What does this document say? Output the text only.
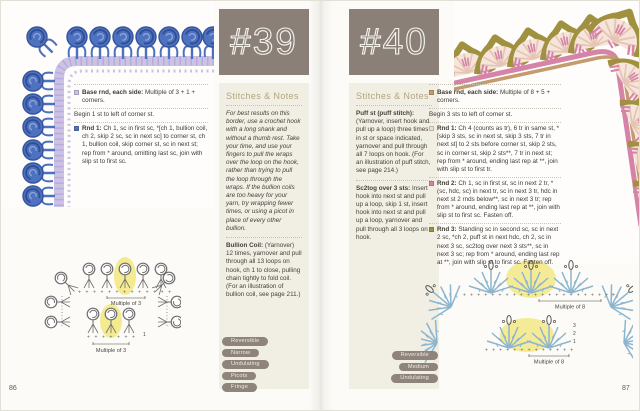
Base rnd, each side: Multiple of 3 + 1 + corners.

Begin 1 st to left of corner st.

Rnd 1: Ch 1, sc in first sc, *[ch 1, bullion coil, ch 2, skip 2 sc, sc in next sc] to corner st, ch 1, bullion coil, skip corner st, sc in next st; rep from * around, omitting last sc, join with slip st to first sc.

#39
Stitches & Notes

For best results on this border, use a crochet hook with a long shank and without a thumb rest. Take your time, and use your fingers to pull the wraps over the loop on the hook, rather than trying to pull the loop through the wraps. If the bullion coils are too heavy for your yarn, try wrapping fewer times, or using a picot in place of every other bullion.

Bullion Coil: (Yarnover) 12 times, yarnover and pull through all 13 loops on hook, ch 1 to close, pulling chain tightly to fold coil. (For an illustration of bullion coil, see page 211.)

Reversible
Narrow
Undulating
Picots
Fringe
+ + + + + + + + + + + + +
Multiple of 3
+ + + + + + + 1
Multiple of 3
86
#40
Stitches & Notes

Puff st (puff stitch): (Yarnover, insert hook and pull up a loop) three times in st or space indicated, yarnover and pull through all 7 loops on hook. (For an illustration of puff stitch, see page 214.)

Sc2tog over 3 sts: Insert hook into next st and pull up a loop, skip 1 st, insert hook into next st and pull up a loop, yarnover and pull through all 3 loops on hook.

Base rnd, each side: Multiple of 8 + 5 + corners.

Begin 3 sts to left of corner st.

Rnd 1: Ch 4 (counts as tr), 6 tr in same st, *[skip 3 sts, sc in next st, skip 3 sts, 7 tr in next st] to 2 sts before corner st, skip 2 sts, sc in corner st, skip 2 sts**, 7 tr in next st; rep from * around, ending last rep at **, join with slip st to first tr.

Rnd 2: Ch 1, sc in first st, sc in next 2 tr, *(sc, hdc, sc) in next tr, sc in next 3 tr, hdc in next st 2 rnds below**, sc in next 3 tr; rep from * around, ending last rep at **, join with slip st to first sc. Fasten off.

Rnd 3: Standing sc in second sc, sc in next 2 sc, *ch 2, puff st in next hdc, ch 2, sc in next 3 sc, sc2tog over next 3 sts**, sc in next 3 sc; rep from * around, ending last rep at **, join with slip st to first sc. Fasten off.

Reversible
Medium
Undulating
+ + + + + + + + + + + + + + + + + + + + + +
Multiple of 8
+ + + + + + + + + + + + +
3
2
1
Multiple of 8
87
